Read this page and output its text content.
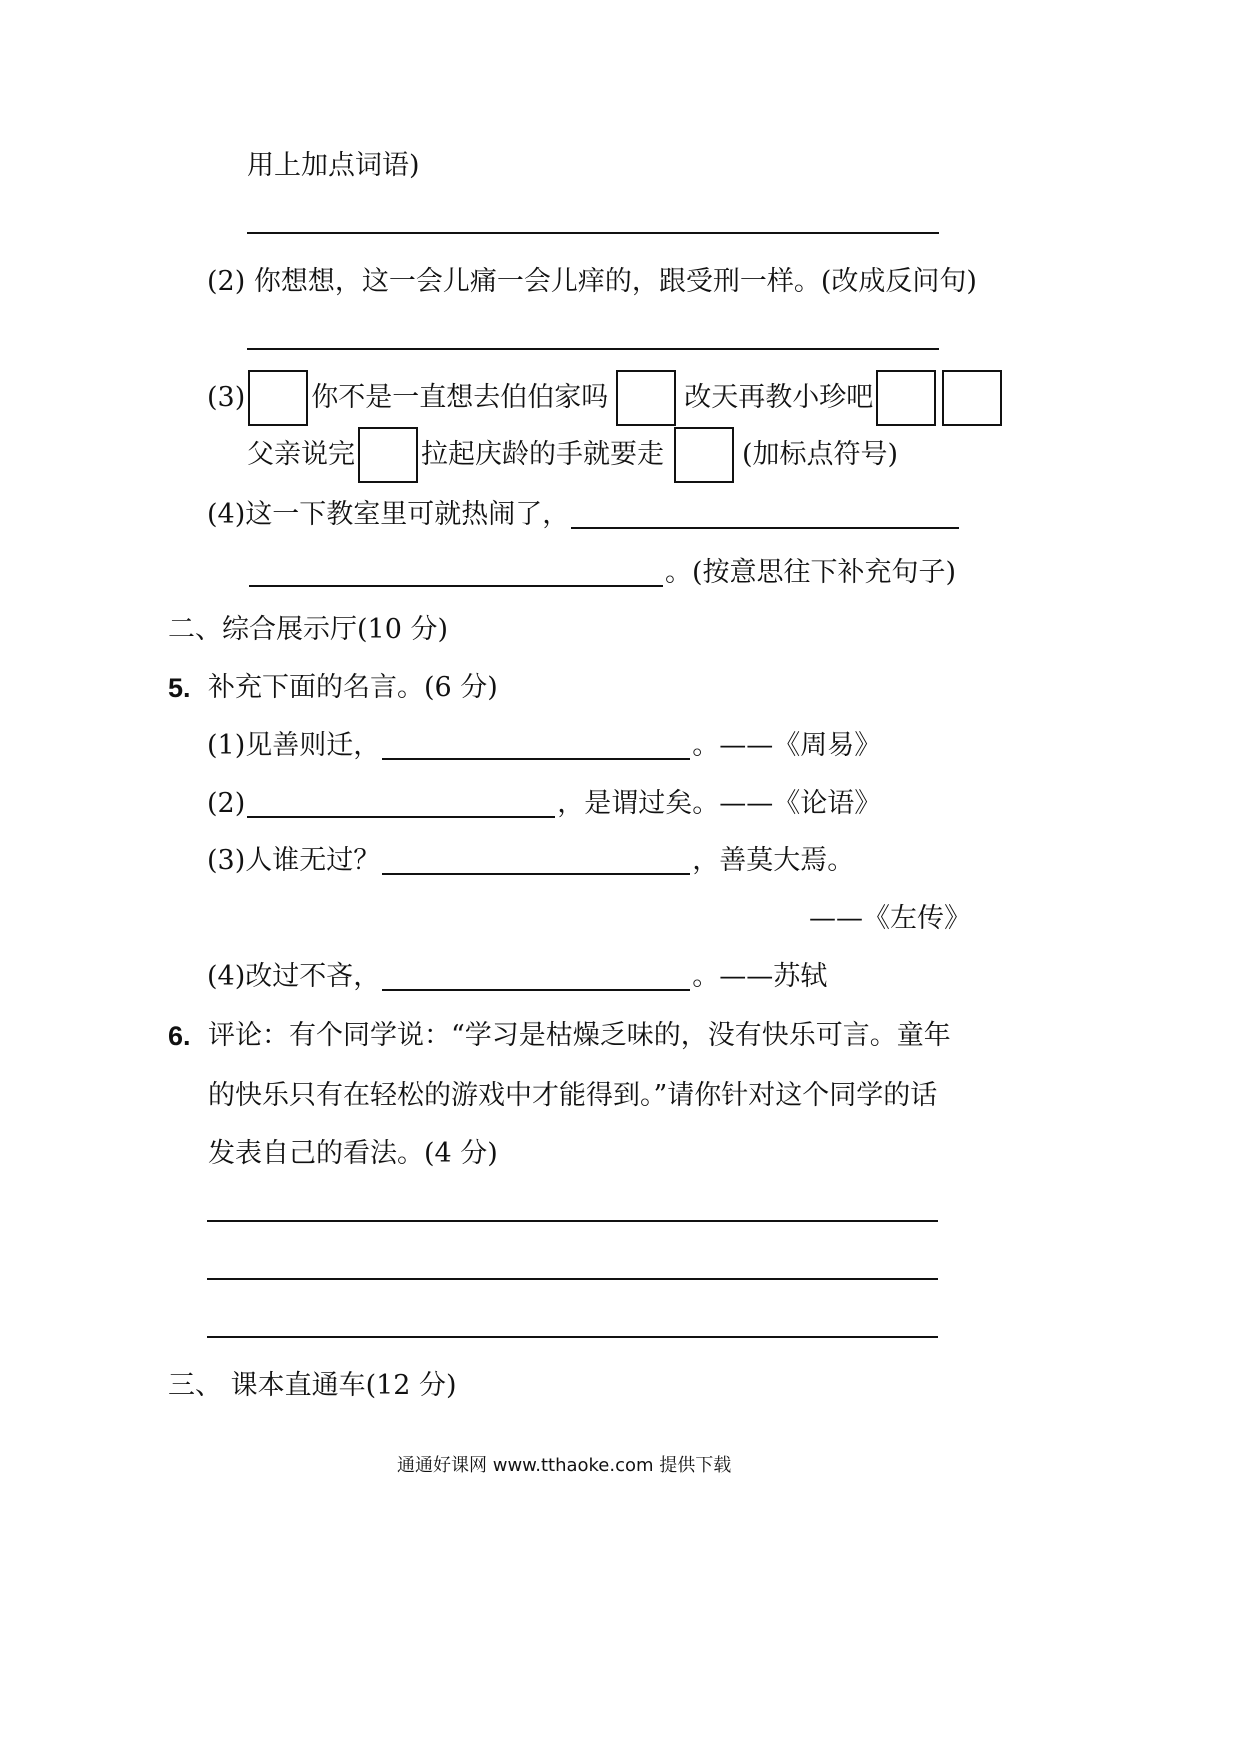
用上加点词语)
(2) 你想想，这一会儿痛一会儿痒的，跟受刑一样。(改成反问句)
(3) 你不是一直想去伯伯家吗	改天再教小珍吧
父亲说完 拉起庆龄的手就要走	(加标点符号)
(4)这一下教室里可就热闹了，
。(按意思往下补充句子)
二、综合展示厅(10 分)
5. 补充下面的名言。(6 分)
(1)见善则迁，	。——《周易》
(2)	，是谓过矣。——《论语》
(3)人谁无过？	，善莫大焉。
——《左传》
(4)改过不吝，	。——苏轼
6. 评论：有个同学说：“学习是枯燥乏味的，没有快乐可言。童年
的快乐只有在轻松的游戏中才能得到。”请你针对这个同学的话
发表自己的看法。(4 分)
三、 课本直通车(12 分)
通通好课网 www.tthaoke.com 提供下载
